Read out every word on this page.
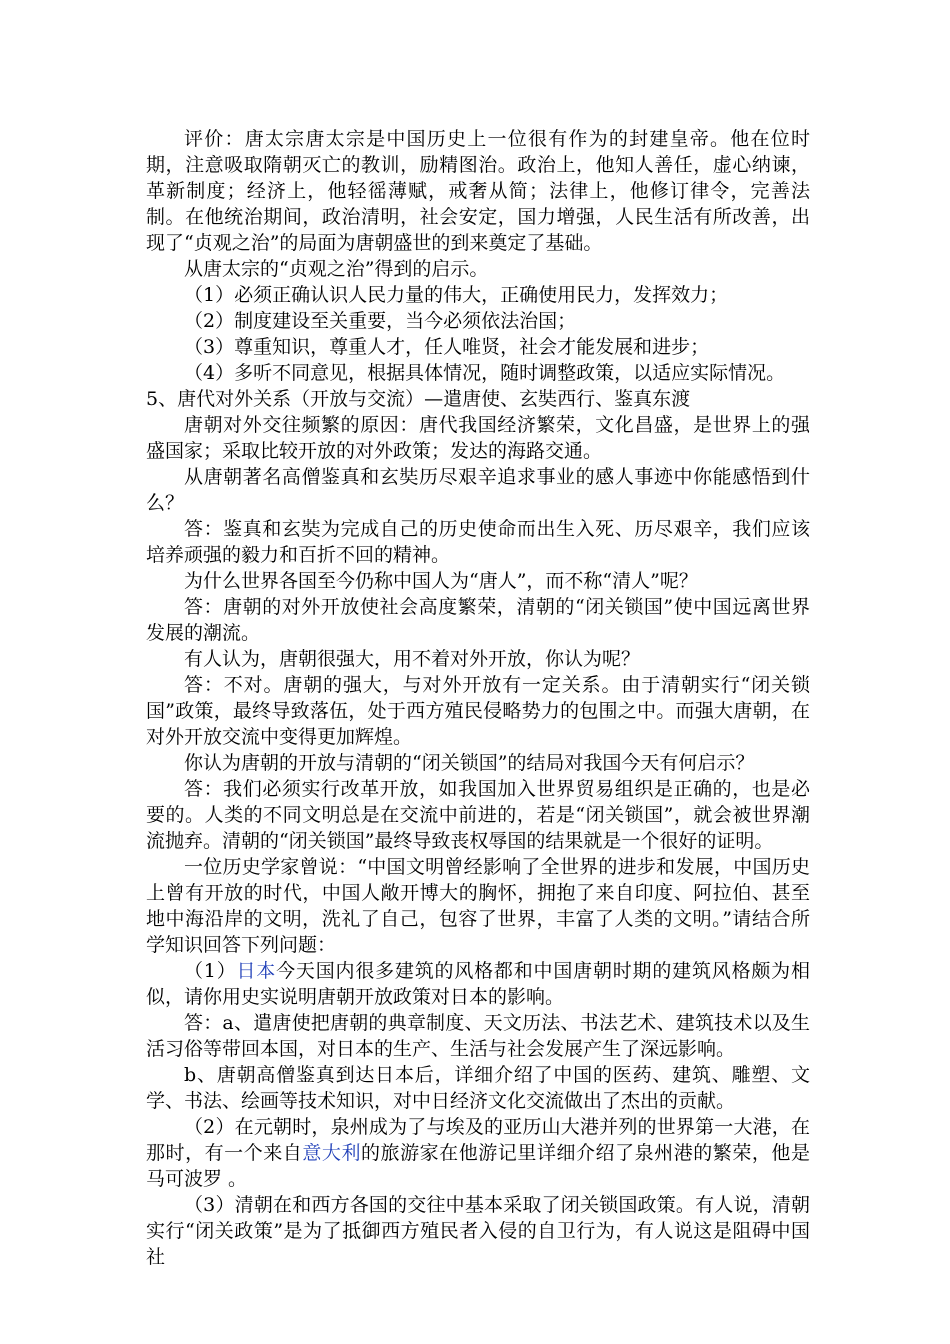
评价：唐太宗唐太宗是中国历史上一位很有作为的封建皇帝。他在位时期，注意吸取隋朝灭亡的教训，励精图治。政治上，他知人善任，虚心纳谏，革新制度；经济上，他轻徭薄赋，戒奢从简；法律上，他修订律令，完善法制。在他统治期间，政治清明，社会安定，国力增强，人民生活有所改善，出现了“贞观之治”的局面为唐朝盛世的到来奠定了基础。

从唐太宗的“贞观之治”得到的启示。

（1）必须正确认识人民力量的伟大，正确使用民力，发挥效力；

（2）制度建设至关重要，当今必须依法治国；

（3）尊重知识，尊重人才，任人唯贤，社会才能发展和进步；

（4）多听不同意见，根据具体情况，随时调整政策，以适应实际情况。

5、唐代对外关系（开放与交流）—遣唐使、玄奘西行、鉴真东渡

唐朝对外交往频繁的原因：唐代我国经济繁荣，文化昌盛，是世界上的强盛国家；采取比较开放的对外政策；发达的海路交通。

从唐朝著名高僧鉴真和玄奘历尽艰辛追求事业的感人事迹中你能感悟到什么？

答：鉴真和玄奘为完成自己的历史使命而出生入死、历尽艰辛，我们应该培养顽强的毅力和百折不回的精神。

为什么世界各国至今仍称中国人为“唐人”，而不称“清人”呢？

答：唐朝的对外开放使社会高度繁荣，清朝的“闭关锁国”使中国远离世界发展的潮流。

有人认为，唐朝很强大，用不着对外开放，你认为呢？

答：不对。唐朝的强大，与对外开放有一定关系。由于清朝实行“闭关锁国”政策，最终导致落伍，处于西方殖民侵略势力的包围之中。而强大唐朝，在对外开放交流中变得更加辉煌。

你认为唐朝的开放与清朝的“闭关锁国”的结局对我国今天有何启示？

答：我们必须实行改革开放，如我国加入世界贸易组织是正确的，也是必要的。人类的不同文明总是在交流中前进的，若是“闭关锁国”，就会被世界潮流抛弃。清朝的“闭关锁国”最终导致丧权辱国的结果就是一个很好的证明。

一位历史学家曾说：“中国文明曾经影响了全世界的进步和发展，中国历史上曾有开放的时代，中国人敞开博大的胸怀，拥抱了来自印度、阿拉伯、甚至地中海沿岸的文明，洗礼了自己，包容了世界，丰富了人类的文明。”请结合所学知识回答下列问题：

（1）日本今天国内很多建筑的风格都和中国唐朝时期的建筑风格颇为相似，请你用史实说明唐朝开放政策对日本的影响。

答：a、遣唐使把唐朝的典章制度、天文历法、书法艺术、建筑技术以及生活习俗等带回本国，对日本的生产、生活与社会发展产生了深远影响。

b、唐朝高僧鉴真到达日本后，详细介绍了中国的医药、建筑、雕塑、文学、书法、绘画等技术知识，对中日经济文化交流做出了杰出的贡献。

（2）在元朝时，泉州成为了与埃及的亚历山大港并列的世界第一大港，在那时，有一个来自意大利的旅游家在他游记里详细介绍了泉州港的繁荣，他是 马可波罗 。

（3）清朝在和西方各国的交往中基本采取了闭关锁国政策。有人说，清朝实行“闭关政策”是为了抵御西方殖民者入侵的自卫行为，有人说这是阻碍中国社
